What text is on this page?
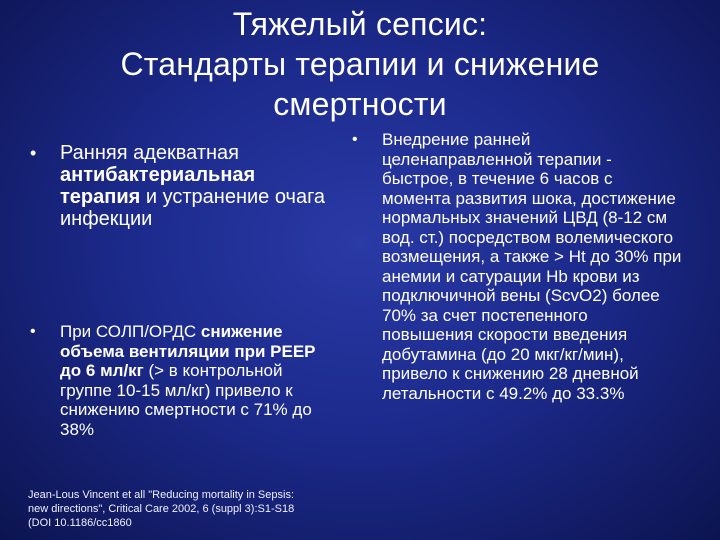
Тяжелый сепсис:
Стандарты терапии и снижение
смертности
•	Ранняя адекватная антибактериальная терапия и устранение очага инфекции
•	При СОЛП/ОРДС снижение объема вентиляции при PEEP до 6 мл/кг (> в контрольной группе 10-15 мл/кг) привело к снижению смертности с 71% до 38%
•	Внедрение ранней целенаправленной терапии - быстрое, в течение 6 часов с момента развития шока, достижение нормальных значений ЦВД (8-12 см вод. ст.) посредством волемического возмещения, а также > Ht до 30% при анемии и сатурации Hb крови из подключичной вены (ScvO2) более 70% за счет постепенного повышения скорости введения добутамина (до 20 мкг/кг/мин), привело к снижению 28 дневной летальности с 49.2% до 33.3%
Jean-Lous Vincent et all "Reducing mortality in Sepsis:
new directions", Critical Care 2002, 6 (suppl 3):S1-S18
(DOI 10.1186/cc1860
